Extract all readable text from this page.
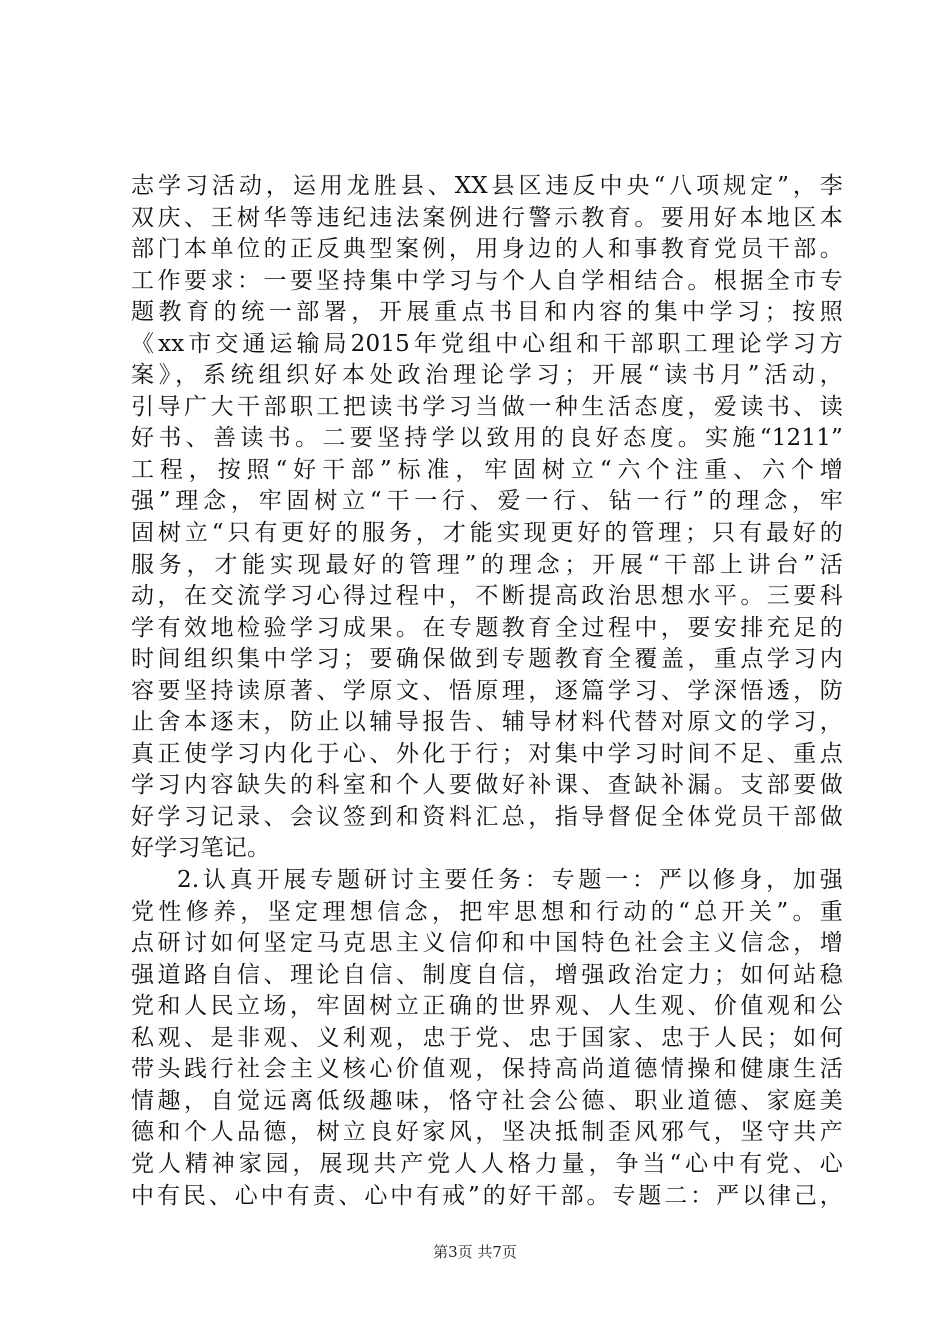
志学习活动，运用龙胜县、XX县区违反中央“八项规定”，李
双庆、王树华等违纪违法案例进行警示教育。要用好本地区本
部门本单位的正反典型案例，用身边的人和事教育党员干部。
工作要求：一要坚持集中学习与个人自学相结合。根据全市专
题教育的统一部署，开展重点书目和内容的集中学习；按照
《xx市交通运输局2015年党组中心组和干部职工理论学习方
案》，系统组织好本处政治理论学习；开展“读书月”活动，
引导广大干部职工把读书学习当做一种生活态度，爱读书、读
好书、善读书。二要坚持学以致用的良好态度。实施“1211”
工程，按照“好干部”标准，牢固树立“六个注重、六个增
强”理念，牢固树立“干一行、爱一行、钻一行”的理念，牢
固树立“只有更好的服务，才能实现更好的管理；只有最好的
服务，才能实现最好的管理”的理念；开展“干部上讲台”活
动，在交流学习心得过程中，不断提高政治思想水平。三要科
学有效地检验学习成果。在专题教育全过程中，要安排充足的
时间组织集中学习；要确保做到专题教育全覆盖，重点学习内
容要坚持读原著、学原文、悟原理，逐篇学习、学深悟透，防
止舍本逐末，防止以辅导报告、辅导材料代替对原文的学习，
真正使学习内化于心、外化于行；对集中学习时间不足、重点
学习内容缺失的科室和个人要做好补课、查缺补漏。支部要做
好学习记录、会议签到和资料汇总，指导督促全体党员干部做
好学习笔记。
2.认真开展专题研讨主要任务：专题一：严以修身，加强
党性修养，坚定理想信念，把牢思想和行动的“总开关”。重
点研讨如何坚定马克思主义信仰和中国特色社会主义信念，增
强道路自信、理论自信、制度自信，增强政治定力；如何站稳
党和人民立场，牢固树立正确的世界观、人生观、价值观和公
私观、是非观、义利观，忠于党、忠于国家、忠于人民；如何
带头践行社会主义核心价值观，保持高尚道德情操和健康生活
情趣，自觉远离低级趣味，恪守社会公德、职业道德、家庭美
德和个人品德，树立良好家风，坚决抵制歪风邪气，坚守共产
党人精神家园，展现共产党人人格力量，争当“心中有党、心
中有民、心中有责、心中有戒”的好干部。专题二：严以律己，
第3页 共7页
